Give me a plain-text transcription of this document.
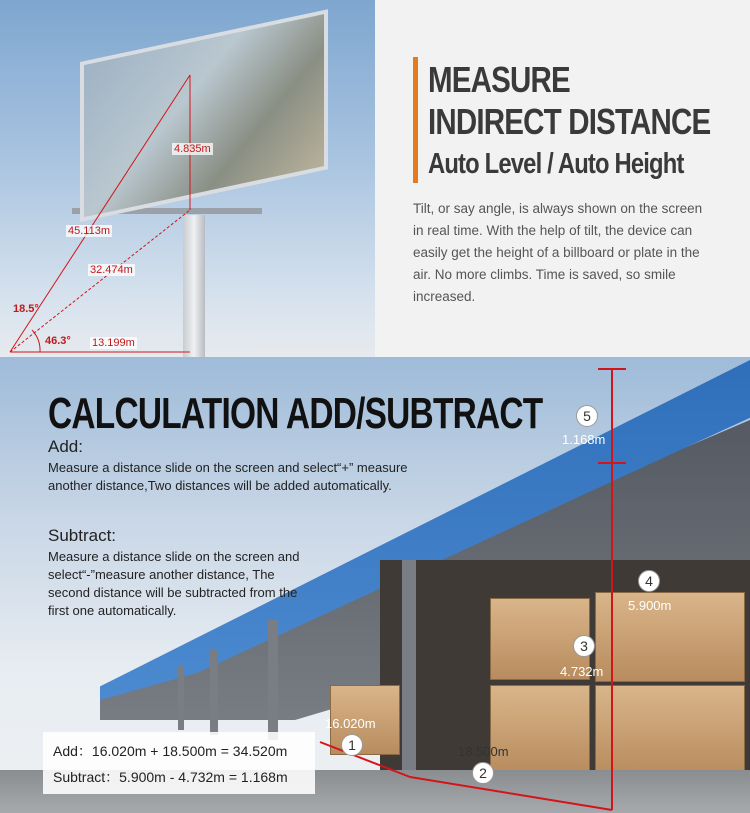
4.835m
45.113m
32.474m
13.199m
18.5°
46.3°
MEASURE
INDIRECT DISTANCE
Auto Level / Auto Height
Tilt, or say angle, is always shown on the screen in real time. With the help of tilt, the device can easily get the height of a billboard or plate in the air. No more climbs. Time is saved, so smile increased.
CALCULATION ADD/SUBTRACT
Add:
Measure a distance slide on the screen and select“+” measure another distance,Two distances will be added automatically.
Subtract:
Measure a distance slide on the screen and select“-”measure another distance, The second distance will be subtracted from the first one automatically.
5
1.168m
4
5.900m
3
4.732m
16.020m
1	18.500m
2
Add：16.020m + 18.500m = 34.520m
Subtract：5.900m - 4.732m = 1.168m
